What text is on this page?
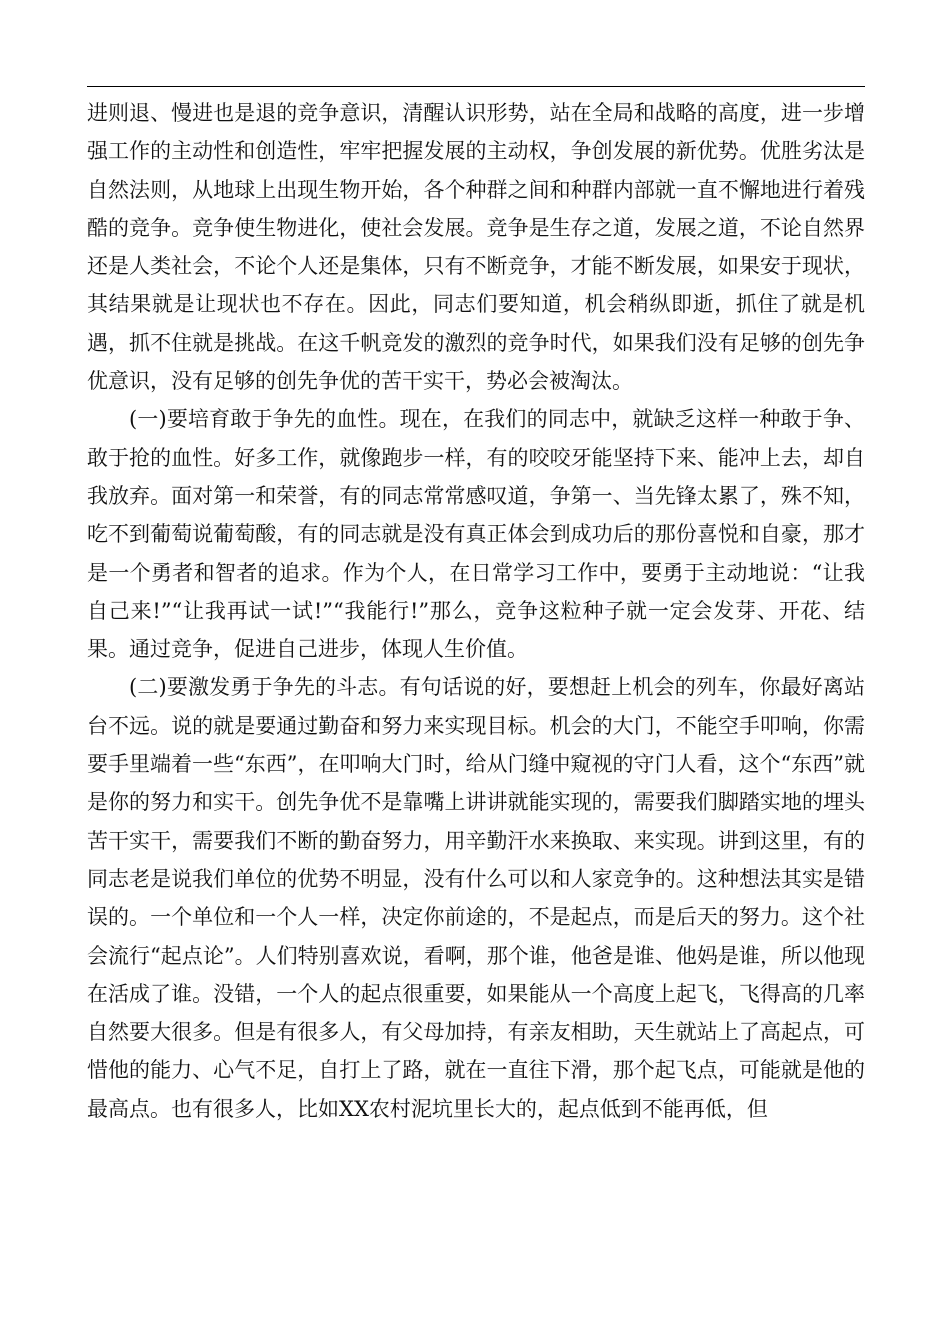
进则退、慢进也是退的竞争意识，清醒认识形势，站在全局和战略的高度，进一步增强工作的主动性和创造性，牢牢把握发展的主动权，争创发展的新优势。优胜劣汰是自然法则，从地球上出现生物开始，各个种群之间和种群内部就一直不懈地进行着残酷的竞争。竞争使生物进化，使社会发展。竞争是生存之道，发展之道，不论自然界还是人类社会，不论个人还是集体，只有不断竞争，才能不断发展，如果安于现状，其结果就是让现状也不存在。因此，同志们要知道，机会稍纵即逝，抓住了就是机遇，抓不住就是挑战。在这千帆竞发的激烈的竞争时代，如果我们没有足够的创先争优意识，没有足够的创先争优的苦干实干，势必会被淘汰。

(一)要培育敢于争先的血性。现在，在我们的同志中，就缺乏这样一种敢于争、敢于抢的血性。好多工作，就像跑步一样，有的咬咬牙能坚持下来、能冲上去，却自我放弃。面对第一和荣誉，有的同志常常感叹道，争第一、当先锋太累了，殊不知，吃不到葡萄说葡萄酸，有的同志就是没有真正体会到成功后的那份喜悦和自豪，那才是一个勇者和智者的追求。作为个人，在日常学习工作中，要勇于主动地说：“让我自己来!”“让我再试一试!”“我能行!”那么，竞争这粒种子就一定会发芽、开花、结果。通过竞争，促进自己进步，体现人生价值。

(二)要激发勇于争先的斗志。有句话说的好，要想赶上机会的列车，你最好离站台不远。说的就是要通过勤奋和努力来实现目标。机会的大门，不能空手叩响，你需要手里端着一些“东西”，在叩响大门时，给从门缝中窥视的守门人看，这个“东西”就是你的努力和实干。创先争优不是靠嘴上讲讲就能实现的，需要我们脚踏实地的埋头苦干实干，需要我们不断的勤奋努力，用辛勤汗水来换取、来实现。讲到这里，有的同志老是说我们单位的优势不明显，没有什么可以和人家竞争的。这种想法其实是错误的。一个单位和一个人一样，决定你前途的，不是起点，而是后天的努力。这个社会流行“起点论”。人们特别喜欢说，看啊，那个谁，他爸是谁、他妈是谁，所以他现在活成了谁。没错，一个人的起点很重要，如果能从一个高度上起飞，飞得高的几率自然要大很多。但是有很多人，有父母加持，有亲友相助，天生就站上了高起点，可惜他的能力、心气不足，自打上了路，就在一直往下滑，那个起飞点，可能就是他的最高点。也有很多人，比如XX农村泥坑里长大的，起点低到不能再低，但
